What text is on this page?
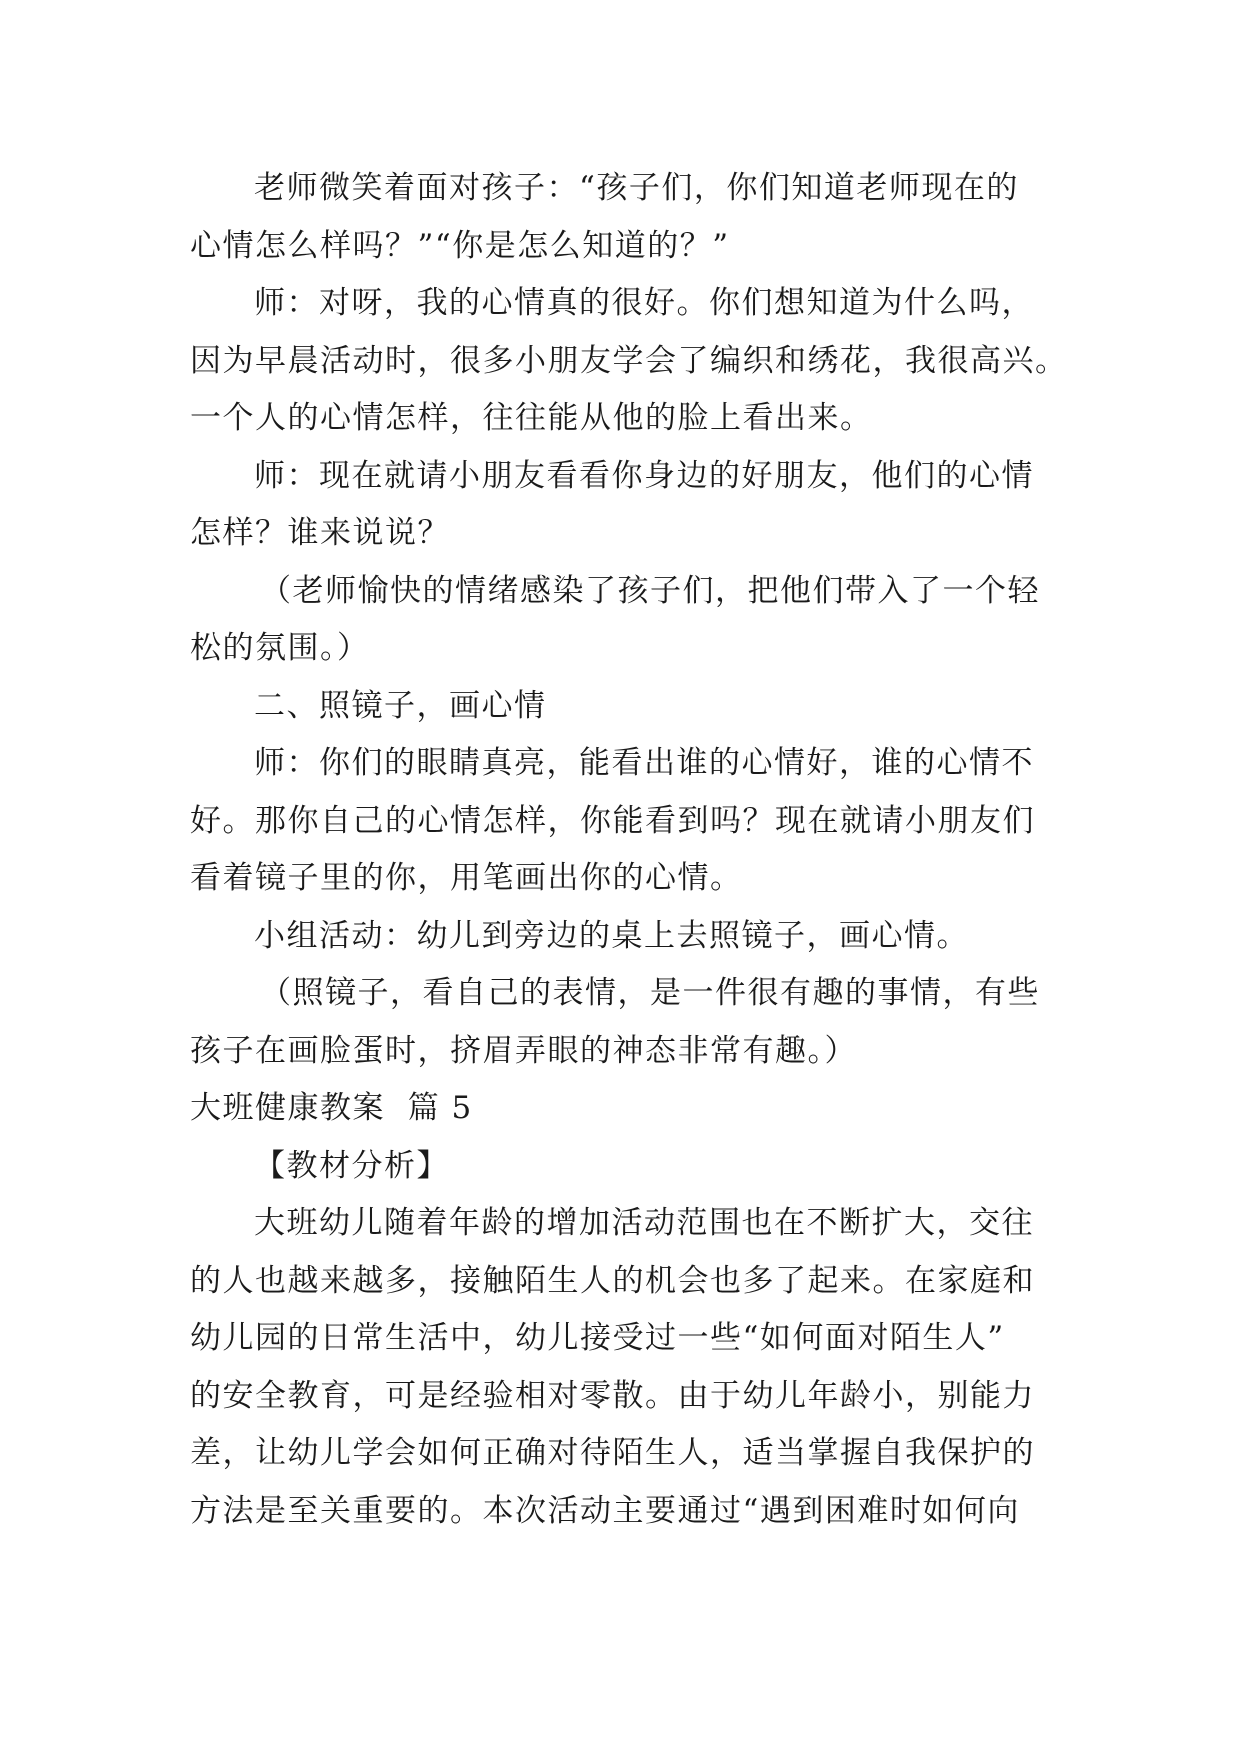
老师微笑着面对孩子：“孩子们，你们知道老师现在的
心情怎么样吗？”“你是怎么知道的？”
师：对呀，我的心情真的很好。你们想知道为什么吗，
因为早晨活动时，很多小朋友学会了编织和绣花，我很高兴。
一个人的心情怎样，往往能从他的脸上看出来。
师：现在就请小朋友看看你身边的好朋友，他们的心情
怎样？谁来说说？
（老师愉快的情绪感染了孩子们，把他们带入了一个轻
松的氛围。）
二、照镜子，画心情
师：你们的眼睛真亮，能看出谁的心情好，谁的心情不
好。那你自己的心情怎样，你能看到吗？现在就请小朋友们
看着镜子里的你，用笔画出你的心情。
小组活动：幼儿到旁边的桌上去照镜子，画心情。
（照镜子，看自己的表情，是一件很有趣的事情，有些
孩子在画脸蛋时，挤眉弄眼的神态非常有趣。）
大班健康教案  篇 5
【教材分析】
大班幼儿随着年龄的增加活动范围也在不断扩大，交往
的人也越来越多，接触陌生人的机会也多了起来。在家庭和
幼儿园的日常生活中，幼儿接受过一些“如何面对陌生人”
的安全教育，可是经验相对零散。由于幼儿年龄小，别能力
差，让幼儿学会如何正确对待陌生人，适当掌握自我保护的
方法是至关重要的。本次活动主要通过“遇到困难时如何向
